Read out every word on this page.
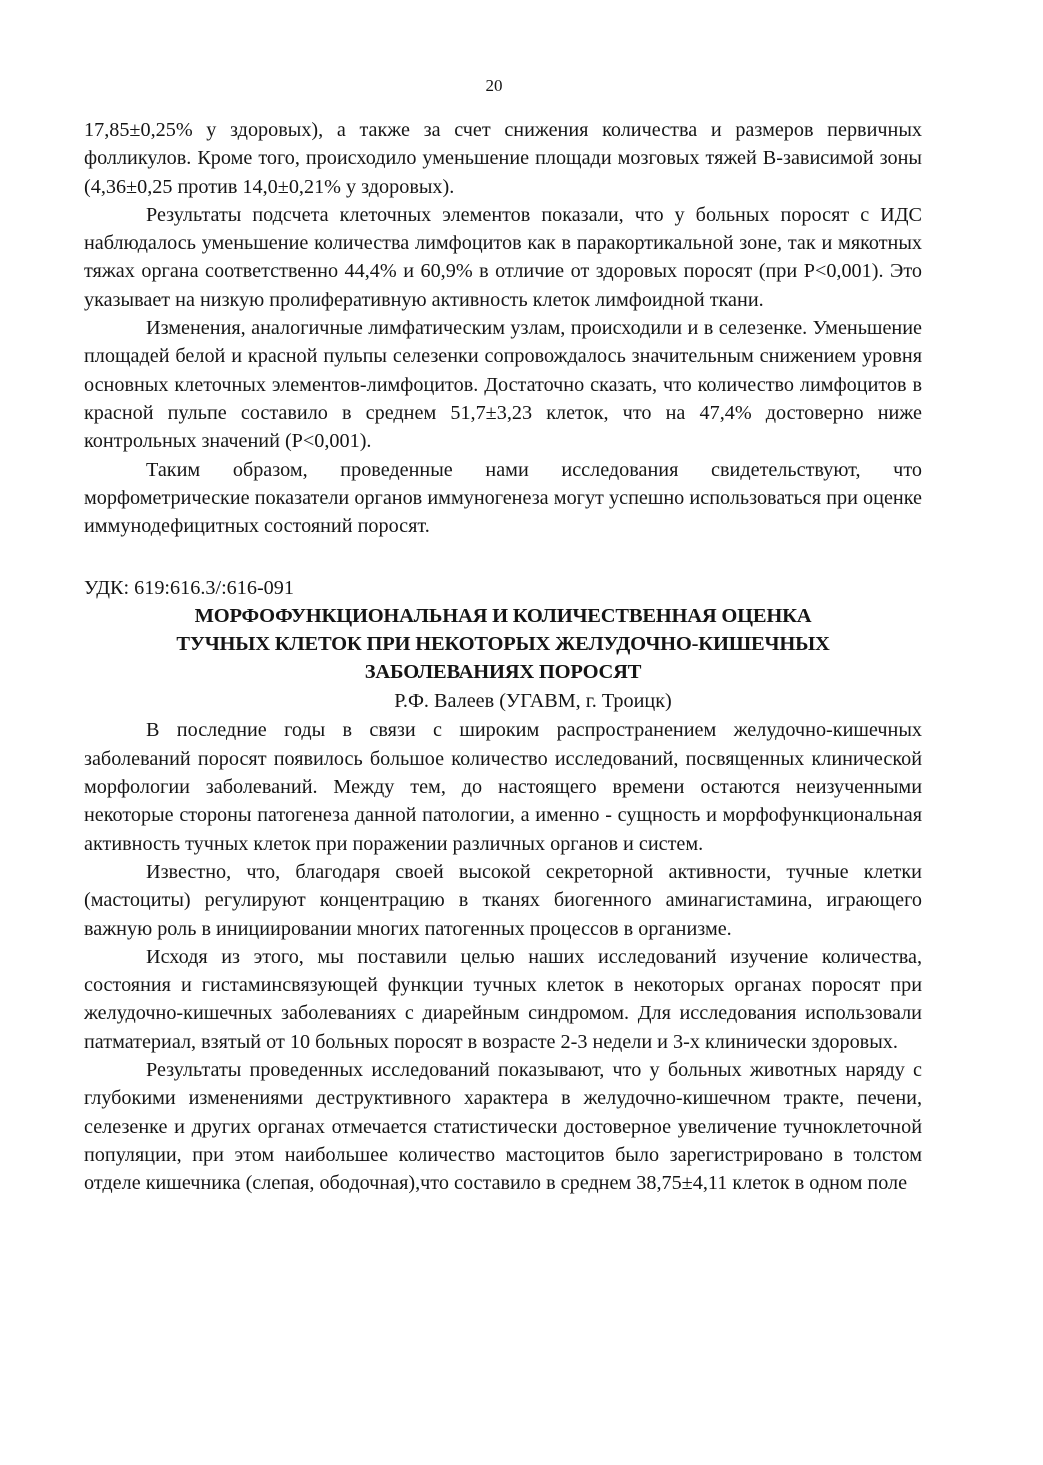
20

17,85±0,25% у здоровых), а также за счет снижения количества и размеров первичных фолликулов. Кроме того, происходило уменьшение площади мозговых тяжей В-зависимой зоны (4,36±0,25 против 14,0±0,21% у здоровых).

Результаты подсчета клеточных элементов показали, что у больных поросят с ИДС наблюдалось уменьшение количества лимфоцитов как в паракортикальной зоне, так и мякотных тяжах органа соответственно 44,4% и 60,9% в отличие от здоровых поросят (при Р<0,001). Это указывает на низкую пролиферативную активность клеток лимфоидной ткани.

Изменения, аналогичные лимфатическим узлам, происходили и в селезенке. Уменьшение площадей белой и красной пульпы селезенки сопровождалось значительным снижением уровня основных клеточных элементов-лимфоцитов. Достаточно сказать, что количество лимфоцитов в красной пульпе составило в среднем 51,7±3,23 клеток, что на 47,4% достоверно ниже контрольных значений (Р<0,001).

Таким образом, проведенные нами исследования свидетельствуют, что морфометрические показатели органов иммуногенеза могут успешно использоваться при оценке иммунодефицитных состояний поросят.

УДК: 619:616.3/:616-091
МОРФОФУНКЦИОНАЛЬНАЯ И КОЛИЧЕСТВЕННАЯ ОЦЕНКА
ТУЧНЫХ КЛЕТОК ПРИ НЕКОТОРЫХ ЖЕЛУДОЧНО-КИШЕЧНЫХ
ЗАБОЛЕВАНИЯХ ПОРОСЯТ
Р.Ф. Валеев (УГАВМ, г. Троицк)

В последние годы в связи с широким распространением желудочно-кишечных заболеваний поросят появилось большое количество исследований, посвященных клинической морфологии заболеваний. Между тем, до настоящего времени остаются неизученными некоторые стороны патогенеза данной патологии, а именно - сущность и морфофункциональная активность тучных клеток при поражении различных органов и систем.

Известно, что, благодаря своей высокой секреторной активности, тучные клетки (мастоциты) регулируют концентрацию в тканях биогенного аминагистамина, играющего важную роль в инициировании многих патогенных процессов в организме.

Исходя из этого, мы поставили целью наших исследований изучение количества, состояния и гистаминсвязующей функции тучных клеток в некоторых органах поросят при желудочно-кишечных заболеваниях с диарейным синдромом. Для исследования использовали патматериал, взятый от 10 больных поросят в возрасте 2-3 недели и 3-х клинически здоровых.

Результаты проведенных исследований показывают, что у больных животных наряду с глубокими изменениями деструктивного характера в желудочно-кишечном тракте, печени, селезенке и других органах отмечается статистически достоверное увеличение тучноклеточной популяции, при этом наибольшее количество мастоцитов было зарегистрировано в толстом отделе кишечника (слепая, ободочная),что составило в среднем 38,75±4,11 клеток в одном поле
